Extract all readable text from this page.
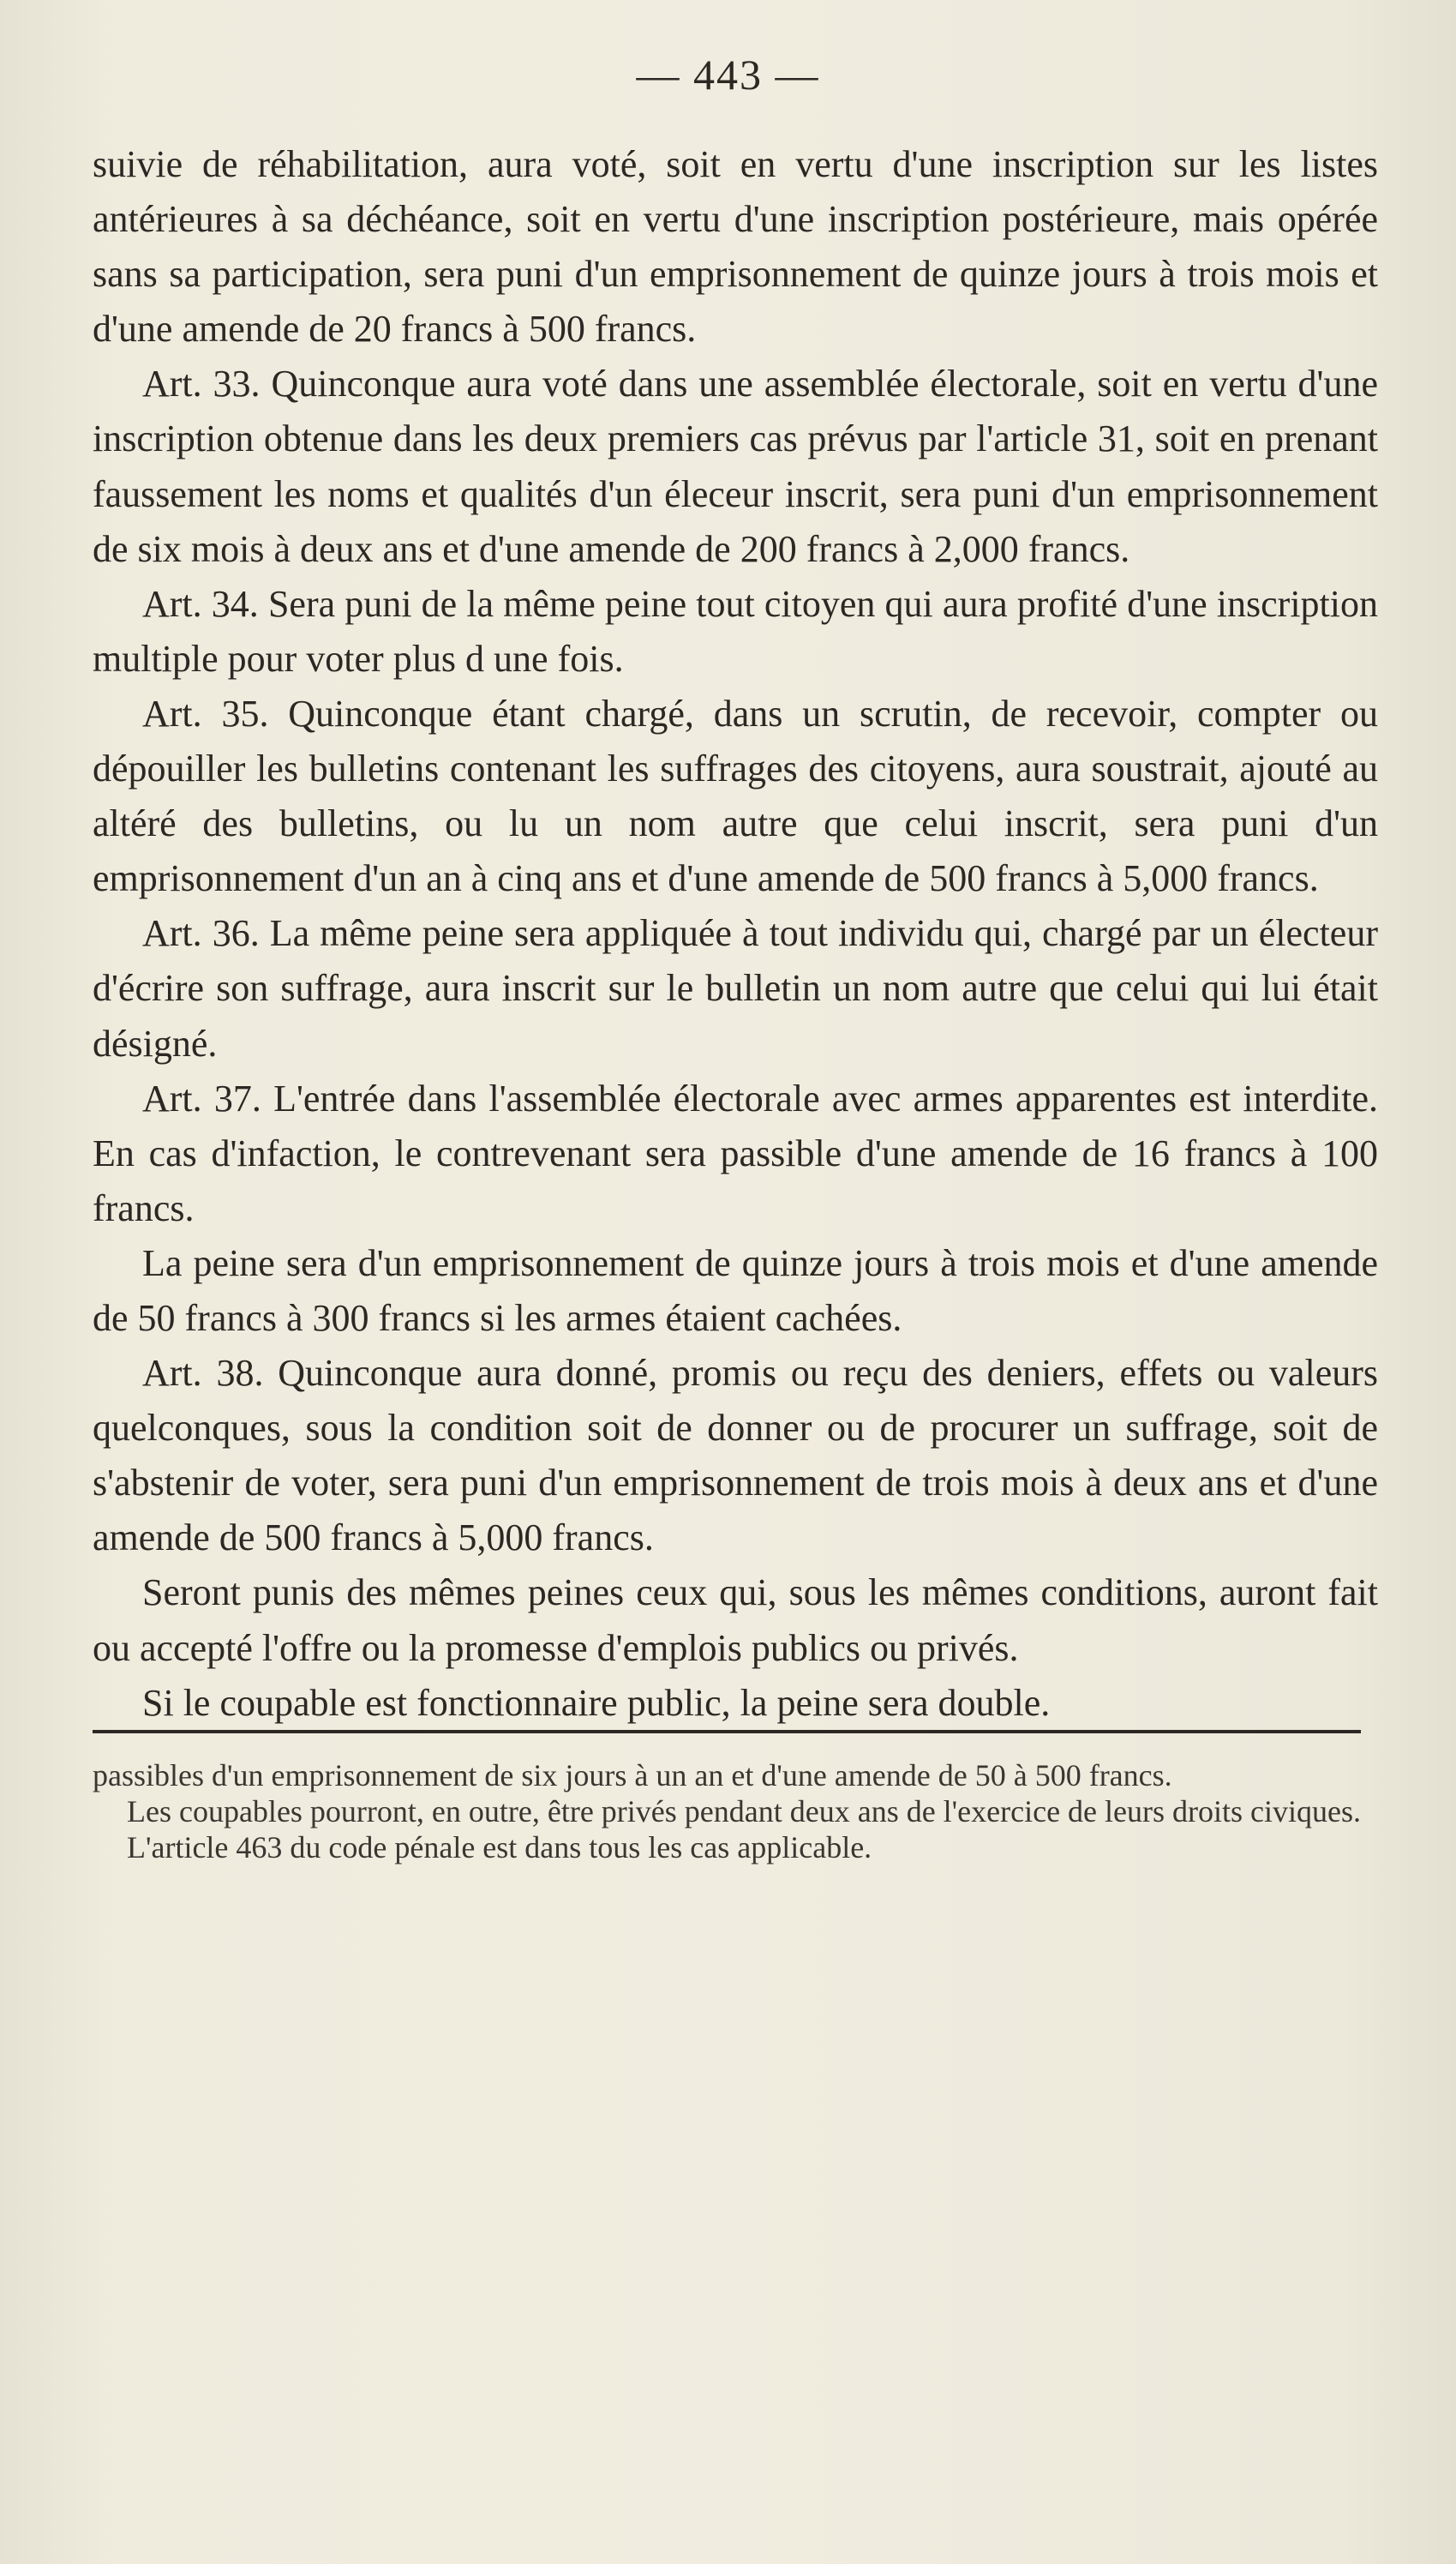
— 443 —

suivie de réhabilitation, aura voté, soit en vertu d'une inscription sur les listes antérieures à sa déchéance, soit en vertu d'une inscription postérieure, mais opérée sans sa participation, sera puni d'un emprisonnement de quinze jours à trois mois et d'une amende de 20 francs à 500 francs.

Art. 33. Quinconque aura voté dans une assemblée électorale, soit en vertu d'une inscription obtenue dans les deux premiers cas prévus par l'article 31, soit en prenant faussement les noms et qualités d'un éleceur inscrit, sera puni d'un emprisonnement de six mois à deux ans et d'une amende de 200 francs à 2,000 francs.

Art. 34. Sera puni de la même peine tout citoyen qui aura profité d'une inscription multiple pour voter plus d une fois.

Art. 35. Quinconque étant chargé, dans un scrutin, de recevoir, compter ou dépouiller les bulletins contenant les suffrages des citoyens, aura soustrait, ajouté au altéré des bulletins, ou lu un nom autre que celui inscrit, sera puni d'un emprisonnement d'un an à cinq ans et d'une amende de 500 francs à 5,000 francs.

Art. 36. La même peine sera appliquée à tout individu qui, chargé par un électeur d'écrire son suffrage, aura inscrit sur le bulletin un nom autre que celui qui lui était désigné.

Art. 37. L'entrée dans l'assemblée électorale avec armes apparentes est interdite. En cas d'infaction, le contrevenant sera passible d'une amende de 16 francs à 100 francs.

La peine sera d'un emprisonnement de quinze jours à trois mois et d'une amende de 50 francs à 300 francs si les armes étaient cachées.

Art. 38. Quinconque aura donné, promis ou reçu des deniers, effets ou valeurs quelconques, sous la condition soit de donner ou de procurer un suffrage, soit de s'abstenir de voter, sera puni d'un emprisonnement de trois mois à deux ans et d'une amende de 500 francs à 5,000 francs.

Seront punis des mêmes peines ceux qui, sous les mêmes conditions, auront fait ou accepté l'offre ou la promesse d'emplois publics ou privés.

Si le coupable est fonctionnaire public, la peine sera double.

passibles d'un emprisonnement de six jours à un an et d'une amende de 50 à 500 francs.

Les coupables pourront, en outre, être privés pendant deux ans de l'exercice de leurs droits civiques.

L'article 463 du code pénale est dans tous les cas applicable.
